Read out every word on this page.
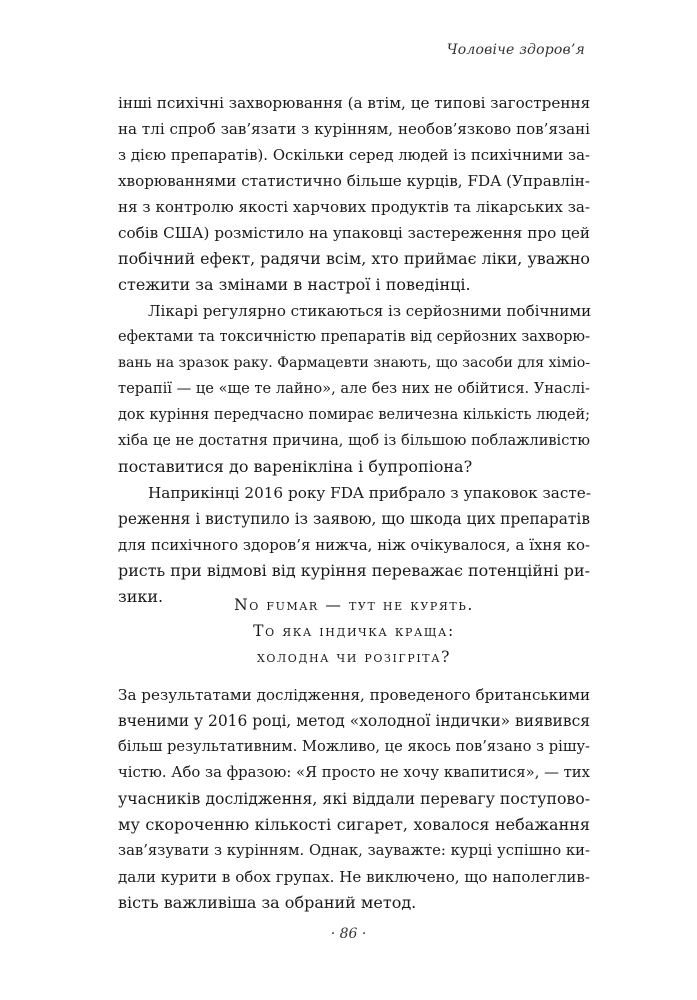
Чоловіче здоров’я

інші психічні захворювання (а втім, це типові загострення
на тлі спроб зав’язати з курінням, необов’язково пов’язані
з дією препаратів). Оскільки серед людей із психічними за-
хворюваннями статистично більше курців, FDA (Управлін-
ня з контролю якості харчових продуктів та лікарських за-
собів США) розмістило на упаковці застереження про цей
побічний ефект, радячи всім, хто приймає ліки, уважно
стежити за змінами в настрої і поведінці.

Лікарі регулярно стикаються із серйозними побічними
ефектами та токсичністю препаратів від серйозних захворю-
вань на зразок раку. Фармацевти знають, що засоби для хіміо-
терапії — це «ще те лайно», але без них не обійтися. Унаслі-
док куріння передчасно помирає величезна кількість людей;
хіба це не достатня причина, щоб із більшою поблажливістю
поставитися до варенікліна і бупропіона?

Наприкінці 2016 року FDA прибрало з упаковок засте-
реження і виступило із заявою, що шкода цих препаратів
для психічного здоров’я нижча, ніж очікувалося, а їхня ко-
ристь при відмові від куріння переважає потенційні ри-
зики.	No fumar — тут не курять.
То яка індичка краща:
холодна чи розігріта?

За результатами дослідження, проведеного британськими
вченими у 2016 році, метод «холодної індички» виявився
більш результативним. Можливо, це якось пов’язано з рішу-
чістю. Або за фразою: «Я просто не хочу квапитися», — тих
учасників дослідження, які віддали перевагу поступово-
му скороченню кількості сигарет, ховалося небажання
зав’язувати з курінням. Однак, зауважте: курці успішно ки-
дали курити в обох групах. Не виключено, що наполеглив-
вість важливіша за обраний метод.

· 86 ·
